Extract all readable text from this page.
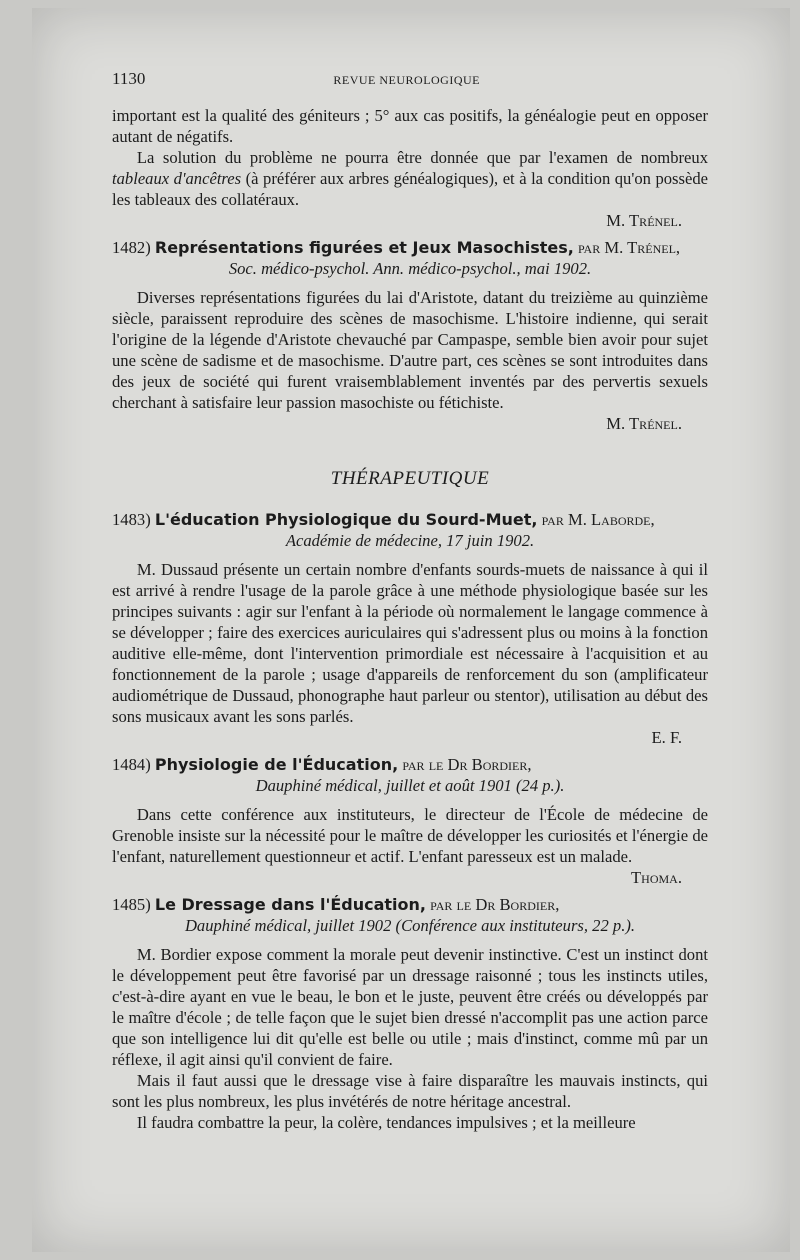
1130	REVUE NEUROLOGIQUE

important est la qualité des géniteurs ; 5° aux cas positifs, la généalogie peut en opposer autant de négatifs.

La solution du problème ne pourra être donnée que par l'examen de nombreux tableaux d'ancêtres (à préférer aux arbres généalogiques), et à la condition qu'on possède les tableaux des collatéraux.

M. Trénel.

1482) Représentations figurées et Jeux Masochistes, par M. Trénel,

Soc. médico-psychol. Ann. médico-psychol., mai 1902.

Diverses représentations figurées du lai d'Aristote, datant du treizième au quinzième siècle, paraissent reproduire des scènes de masochisme. L'histoire indienne, qui serait l'origine de la légende d'Aristote chevauché par Campaspe, semble bien avoir pour sujet une scène de sadisme et de masochisme. D'autre part, ces scènes se sont introduites dans des jeux de société qui furent vraisemblablement inventés par des pervertis sexuels cherchant à satisfaire leur passion masochiste ou fétichiste.

M. Trénel.

THÉRAPEUTIQUE

1483) L'éducation Physiologique du Sourd-Muet, par M. Laborde,

Académie de médecine, 17 juin 1902.

M. Dussaud présente un certain nombre d'enfants sourds-muets de naissance à qui il est arrivé à rendre l'usage de la parole grâce à une méthode physiologique basée sur les principes suivants : agir sur l'enfant à la période où normalement le langage commence à se développer ; faire des exercices auriculaires qui s'adressent plus ou moins à la fonction auditive elle-même, dont l'intervention primordiale est nécessaire à l'acquisition et au fonctionnement de la parole ; usage d'appareils de renforcement du son (amplificateur audiométrique de Dussaud, phonographe haut parleur ou stentor), utilisation au début des sons musicaux avant les sons parlés.

E. F.

1484) Physiologie de l'Éducation, par le Dr Bordier,

Dauphiné médical, juillet et août 1901 (24 p.).

Dans cette conférence aux instituteurs, le directeur de l'École de médecine de Grenoble insiste sur la nécessité pour le maître de développer les curiosités et l'énergie de l'enfant, naturellement questionneur et actif. L'enfant paresseux est un malade.

Thoma.

1485) Le Dressage dans l'Éducation, par le Dr Bordier,

Dauphiné médical, juillet 1902 (Conférence aux instituteurs, 22 p.).

M. Bordier expose comment la morale peut devenir instinctive. C'est un instinct dont le développement peut être favorisé par un dressage raisonné ; tous les instincts utiles, c'est-à-dire ayant en vue le beau, le bon et le juste, peuvent être créés ou développés par le maître d'école ; de telle façon que le sujet bien dressé n'accomplit pas une action parce que son intelligence lui dit qu'elle est belle ou utile ; mais d'instinct, comme mû par un réflexe, il agit ainsi qu'il convient de faire.

Mais il faut aussi que le dressage vise à faire disparaître les mauvais instincts, qui sont les plus nombreux, les plus invétérés de notre héritage ancestral.

Il faudra combattre la peur, la colère, tendances impulsives ; et la meilleure
